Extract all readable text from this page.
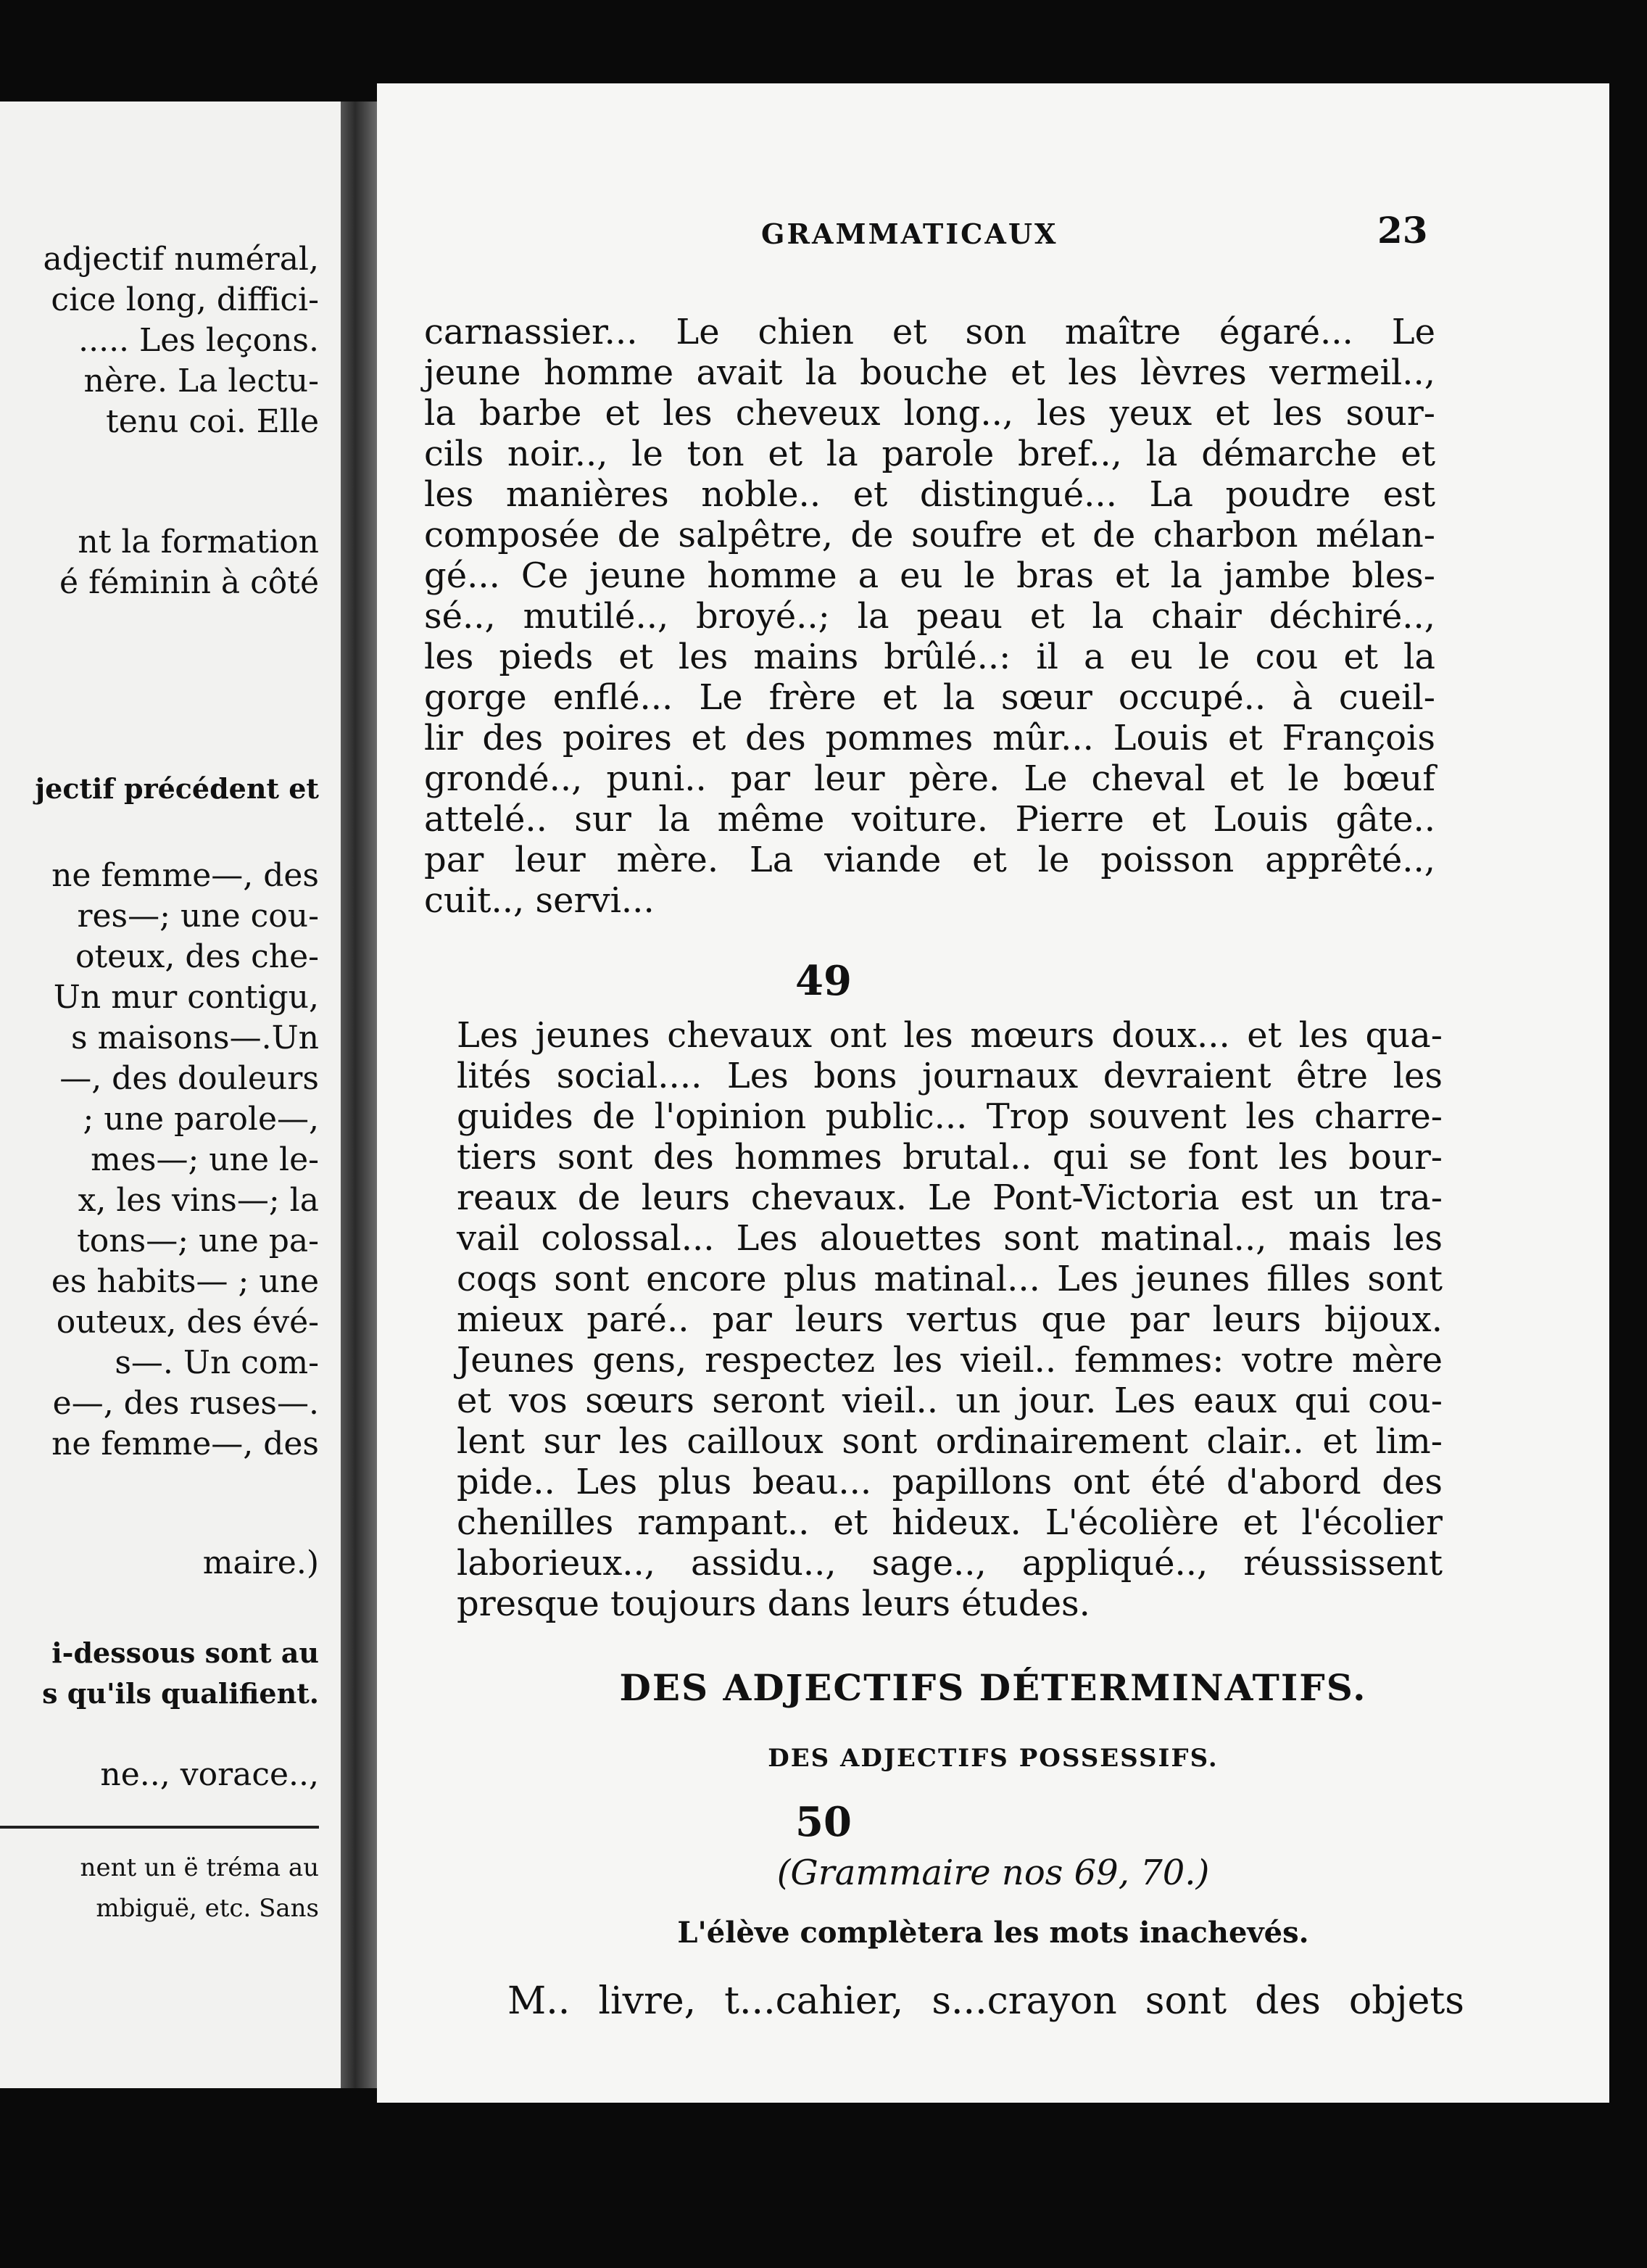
adjectif numéral,
cice long, diffici-
..... Les leçons.
nère. La lectu-
tenu coi. Elle
nt la formation
é féminin à côté
jectif précédent et
ne femme—, des
res—; une cou-
oteux, des che-
Un mur contigu,
s maisons—.Un
—, des douleurs
; une parole—,
mes—; une le-
x, les vins—; la
tons—; une pa-
es habits— ; une
outeux, des évé-
s—. Un com-
e—, des ruses—.
ne femme—, des
maire.)
i-dessous sont au
s qu'ils qualifient.
ne.., vorace..,
nent un ë tréma au
mbiguë, etc. Sans
GRAMMATICAUX	23
carnassier... Le chien et son maître égaré... Le
jeune homme avait la bouche et les lèvres vermeil..,
la barbe et les cheveux long.., les yeux et les sour-
cils noir.., le ton et la parole bref.., la démarche et
les manières noble.. et distingué... La poudre est
composée de salpêtre, de soufre et de charbon mélan-
gé... Ce jeune homme a eu le bras et la jambe bles-
sé.., mutilé.., broyé..; la peau et la chair déchiré..,
les pieds et les mains brûlé..: il a eu le cou et la
gorge enflé... Le frère et la sœur occupé.. à cueil-
lir des poires et des pommes mûr... Louis et François
grondé.., puni.. par leur père. Le cheval et le bœuf
attelé.. sur la même voiture. Pierre et Louis gâte..
par leur mère. La viande et le poisson apprêté..,
cuit.., servi...
49
Les jeunes chevaux ont les mœurs doux... et les qua-
lités social.... Les bons journaux devraient être les
guides de l'opinion public... Trop souvent les charre-
tiers sont des hommes brutal.. qui se font les bour-
reaux de leurs chevaux. Le Pont-Victoria est un tra-
vail colossal... Les alouettes sont matinal.., mais les
coqs sont encore plus matinal... Les jeunes filles sont
mieux paré.. par leurs vertus que par leurs bijoux.
Jeunes gens, respectez les vieil.. femmes: votre mère
et vos sœurs seront vieil.. un jour. Les eaux qui cou-
lent sur les cailloux sont ordinairement clair.. et lim-
pide.. Les plus beau... papillons ont été d'abord des
chenilles rampant.. et hideux. L'écolière et l'écolier
laborieux.., assidu.., sage.., appliqué.., réussissent
presque toujours dans leurs études.
DES ADJECTIFS DÉTERMINATIFS.
DES ADJECTIFS POSSESSIFS.
50
(Grammaire nos 69, 70.)
L'élève complètera les mots inachevés.
M.. livre, t...cahier, s...crayon sont des objets
